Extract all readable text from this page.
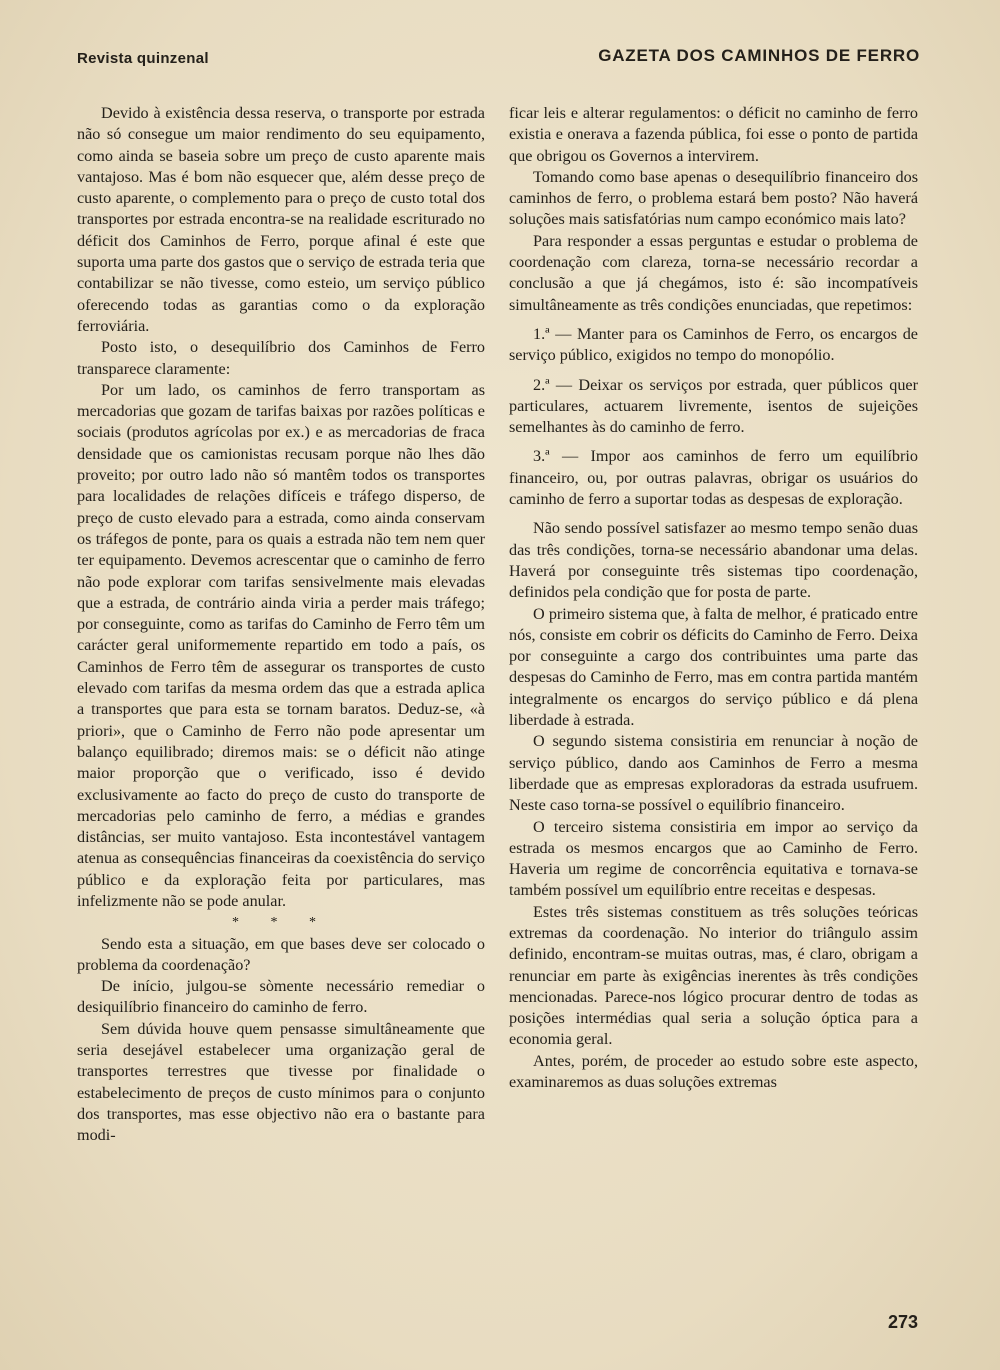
Revista quinzenal	GAZETA DOS CAMINHOS DE FERRO

Devido à existência dessa reserva, o transporte por estrada não só consegue um maior rendimento do seu equipamento, como ainda se baseia sobre um preço de custo aparente mais vantajoso. Mas é bom não esquecer que, além desse preço de custo aparente, o complemento para o preço de custo total dos transportes por estrada encontra-se na realidade escriturado no déficit dos Caminhos de Ferro, porque afinal é este que suporta uma parte dos gastos que o serviço de estrada teria que contabilizar se não tivesse, como esteio, um serviço público oferecendo todas as garantias como o da exploração ferroviária.

Posto isto, o desequilíbrio dos Caminhos de Ferro transparece claramente:

Por um lado, os caminhos de ferro transportam as mercadorias que gozam de tarifas baixas por razões políticas e sociais (produtos agrícolas por ex.) e as mercadorias de fraca densidade que os camionistas recusam porque não lhes dão proveito; por outro lado não só mantêm todos os transportes para localidades de relações difíceis e tráfego disperso, de preço de custo elevado para a estrada, como ainda conservam os tráfegos de ponte, para os quais a estrada não tem nem quer ter equipamento. Devemos acrescentar que o caminho de ferro não pode explorar com tarifas sensivelmente mais elevadas que a estrada, de contrário ainda viria a perder mais tráfego; por conseguinte, como as tarifas do Caminho de Ferro têm um carácter geral uniformemente repartido em todo a país, os Caminhos de Ferro têm de assegurar os transportes de custo elevado com tarifas da mesma ordem das que a estrada aplica a transportes que para esta se tornam baratos. Deduz-se, «à priori», que o Caminho de Ferro não pode apresentar um balanço equilibrado; diremos mais: se o déficit não atinge maior proporção que o verificado, isso é devido exclusivamente ao facto do preço de custo do transporte de mercadorias pelo caminho de ferro, a médias e grandes distâncias, ser muito vantajoso. Esta incontestável vantagem atenua as consequências financeiras da coexistência do serviço público e da exploração feita por particulares, mas infelizmente não se pode anular.

* * *

Sendo esta a situação, em que bases deve ser colocado o problema da coordenação?

De início, julgou-se sòmente necessário remediar o desiquilíbrio financeiro do caminho de ferro.

Sem dúvida houve quem pensasse simultâneamente que seria desejável estabelecer uma organização geral de transportes terrestres que tivesse por finalidade o estabelecimento de preços de custo mínimos para o conjunto dos transportes, mas esse objectivo não era o bastante para modi-

ficar leis e alterar regulamentos: o déficit no caminho de ferro existia e onerava a fazenda pública, foi esse o ponto de partida que obrigou os Governos a intervirem.

Tomando como base apenas o desequilíbrio financeiro dos caminhos de ferro, o problema estará bem posto? Não haverá soluções mais satisfatórias num campo económico mais lato?

Para responder a essas perguntas e estudar o problema de coordenação com clareza, torna-se necessário recordar a conclusão a que já chegámos, isto é: são incompatíveis simultâneamente as três condições enunciadas, que repetimos:

1.ª — Manter para os Caminhos de Ferro, os encargos de serviço público, exigidos no tempo do monopólio.

2.ª — Deixar os serviços por estrada, quer públicos quer particulares, actuarem livremente, isentos de sujeições semelhantes às do caminho de ferro.

3.ª — Impor aos caminhos de ferro um equilíbrio financeiro, ou, por outras palavras, obrigar os usuários do caminho de ferro a suportar todas as despesas de exploração.

Não sendo possível satisfazer ao mesmo tempo senão duas das três condições, torna-se necessário abandonar uma delas. Haverá por conseguinte três sistemas tipo coordenação, definidos pela condição que for posta de parte.

O primeiro sistema que, à falta de melhor, é praticado entre nós, consiste em cobrir os déficits do Caminho de Ferro. Deixa por conseguinte a cargo dos contribuintes uma parte das despesas do Caminho de Ferro, mas em contra partida mantém integralmente os encargos do serviço público e dá plena liberdade à estrada.

O segundo sistema consistiria em renunciar à noção de serviço público, dando aos Caminhos de Ferro a mesma liberdade que as empresas exploradoras da estrada usufruem. Neste caso torna-se possível o equilíbrio financeiro.

O terceiro sistema consistiria em impor ao serviço da estrada os mesmos encargos que ao Caminho de Ferro. Haveria um regime de concorrência equitativa e tornava-se também possível um equilíbrio entre receitas e despesas.

Estes três sistemas constituem as três soluções teóricas extremas da coordenação. No interior do triângulo assim definido, encontram-se muitas outras, mas, é claro, obrigam a renunciar em parte às exigências inerentes às três condições mencionadas. Parece-nos lógico procurar dentro de todas as posições intermédias qual seria a solução óptica para a economia geral.

Antes, porém, de proceder ao estudo sobre este aspecto, examinaremos as duas soluções extremas

273
